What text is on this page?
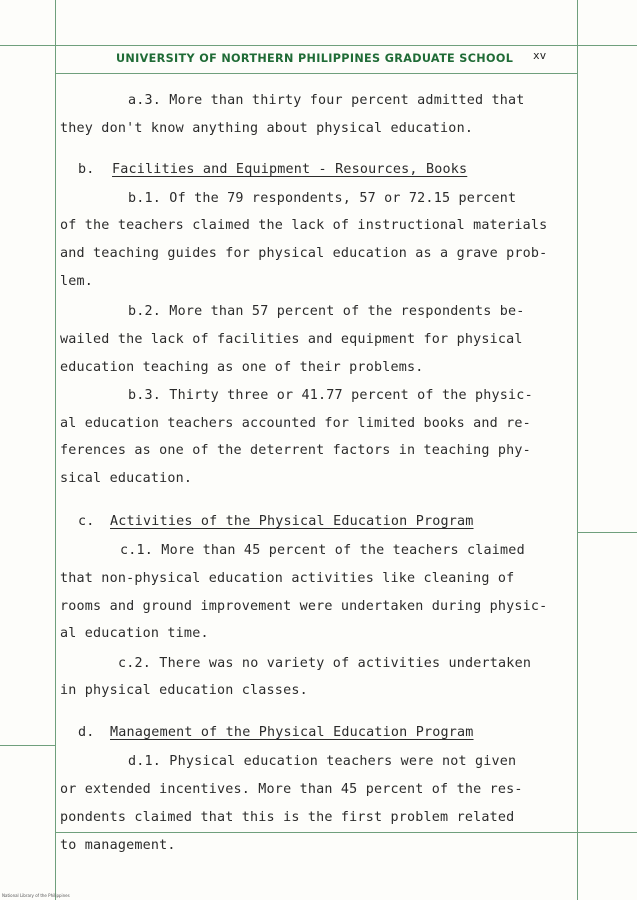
UNIVERSITY OF NORTHERN PHILIPPINES GRADUATE SCHOOL xv
a.3. More than thirty four percent admitted that
they don't know anything about physical education.
b. Facilities and Equipment - Resources, Books
b.1. Of the 79 respondents, 57 or 72.15 percent
of the teachers claimed the lack of instructional materials
and teaching guides for physical education as a grave prob-
lem.
b.2. More than 57 percent of the respondents be-
wailed the lack of facilities and equipment for physical
education teaching as one of their problems.
b.3. Thirty three or 41.77 percent of the physic-
al education teachers accounted for limited books and re-
ferences as one of the deterrent factors in teaching phy-
sical education.
c. Activities of the Physical Education Program
c.1. More than 45 percent of the teachers claimed
that non-physical education activities like cleaning of
rooms and ground improvement were undertaken during physic-
al education time.
c.2. There was no variety of activities undertaken
in physical education classes.
d. Management of the Physical Education Program
d.1. Physical education teachers were not given
or extended incentives. More than 45 percent of the res-
pondents claimed that this is the first problem related
to management.
National Library of the Philippines
